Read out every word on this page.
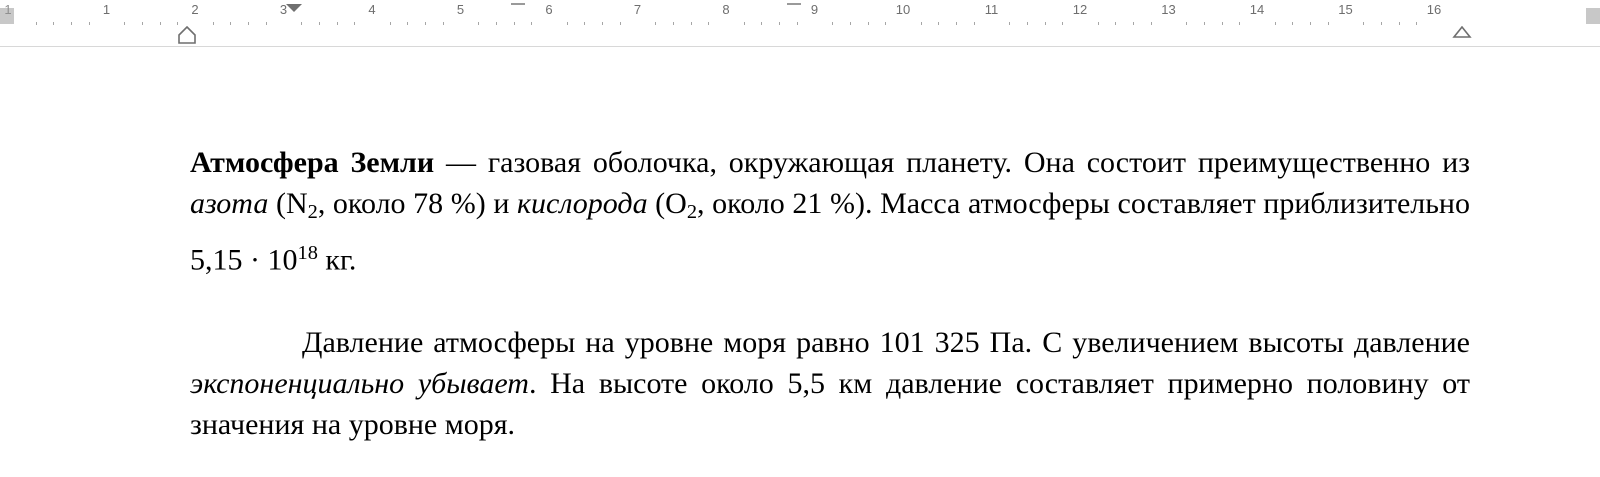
1	1	2	3	4	5	6	7	8	9	10	11	12	13	14	15	16

Атмосфера Земли — газовая оболочка, окружающая планету. Она состоит преимущественно из азота ($N_2$, около 78 %) и кислорода ($O_2$, около 21 %). Масса атмосферы составляет приблизительно $5,15 \cdot 10^{18}$ кг.

Давление атмосферы на уровне моря равно 101 325 Па. С увеличением высоты давление экспоненциально убывает. На высоте около 5,5 км давление составляет примерно половину от значения на уровне моря.
